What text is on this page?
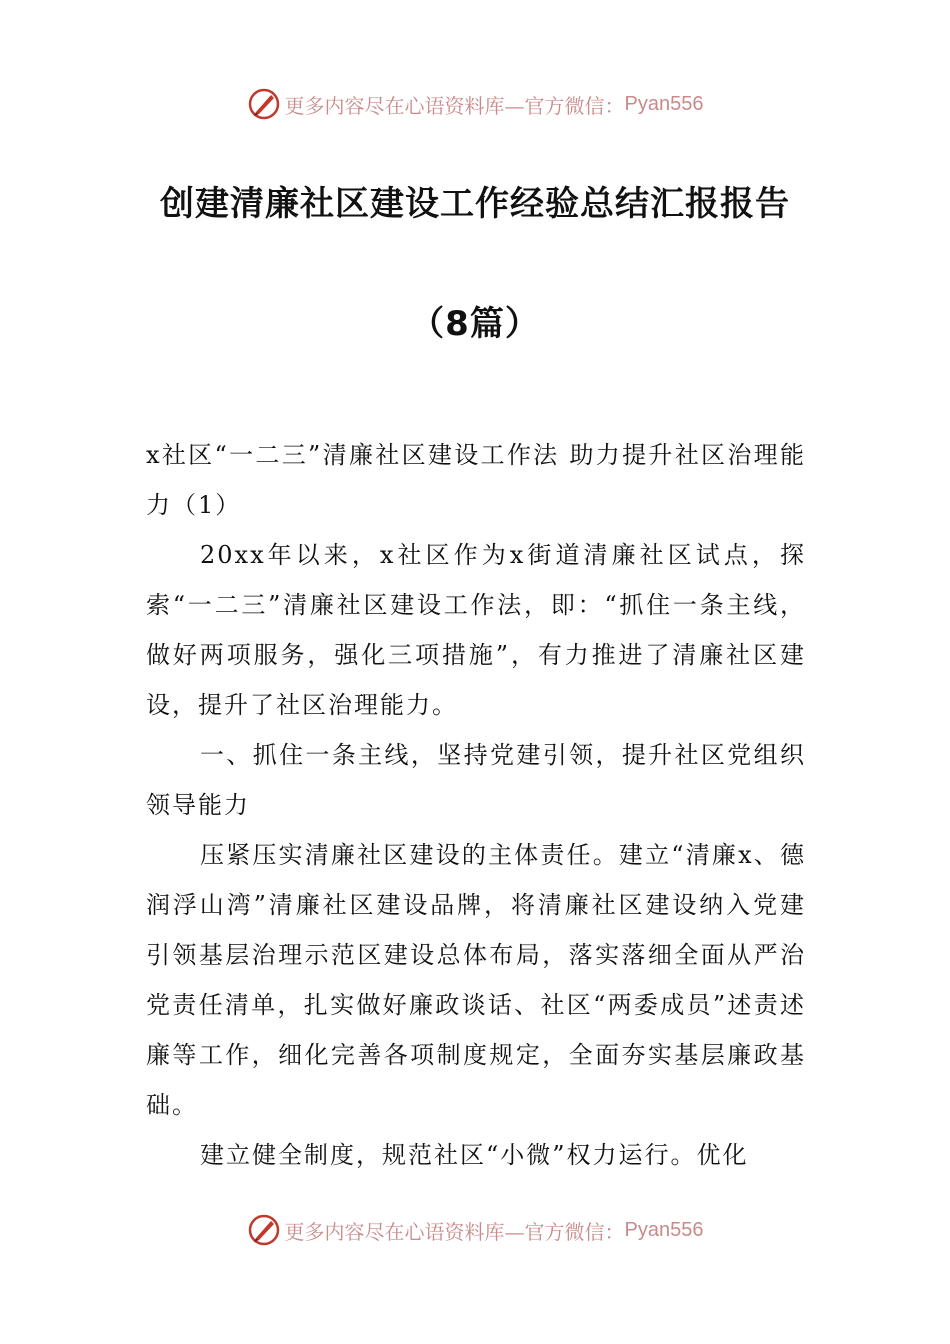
更多内容尽在心语资料库—官方微信： Pyan556
创建清廉社区建设工作经验总结汇报报告
（8篇）

x社区“一二三”清廉社区建设工作法 助力提升社区治理能力（1）

20xx年以来，x社区作为x街道清廉社区试点，探索“一二三”清廉社区建设工作法，即：“抓住一条主线，做好两项服务，强化三项措施”，有力推进了清廉社区建设，提升了社区治理能力。

一、抓住一条主线，坚持党建引领，提升社区党组织领导能力

压紧压实清廉社区建设的主体责任。建立“清廉x、德润浮山湾”清廉社区建设品牌，将清廉社区建设纳入党建引领基层治理示范区建设总体布局，落实落细全面从严治党责任清单，扎实做好廉政谈话、社区“两委成员”述责述廉等工作，细化完善各项制度规定，全面夯实基层廉政基础。

建立健全制度，规范社区“小微”权力运行。优化

更多内容尽在心语资料库—官方微信： Pyan556
